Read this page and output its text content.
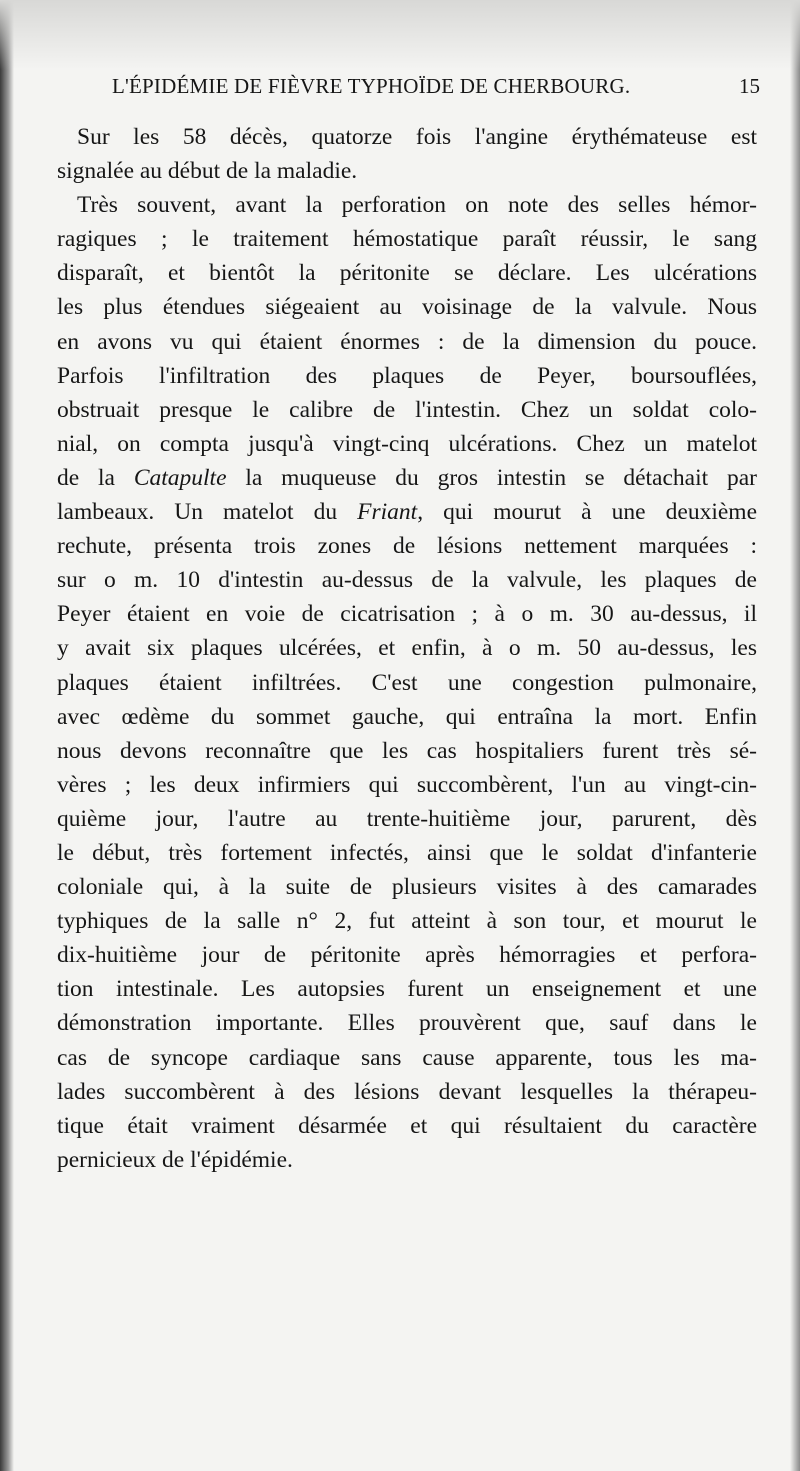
L'ÉPIDÉMIE DE FIÈVRE TYPHOÏDE DE CHERBOURG.	15
Sur les 58 décès, quatorze fois l'angine érythémateuse est
signalée au début de la maladie.
Très souvent, avant la perforation on note des selles hémor-
ragiques ; le traitement hémostatique paraît réussir, le sang
disparaît, et bientôt la péritonite se déclare. Les ulcérations
les plus étendues siégeaient au voisinage de la valvule. Nous
en avons vu qui étaient énormes : de la dimension du pouce.
Parfois l'infiltration des plaques de Peyer, boursouflées,
obstruait presque le calibre de l'intestin. Chez un soldat colo-
nial, on compta jusqu'à vingt-cinq ulcérations. Chez un matelot
de la Catapulte la muqueuse du gros intestin se détachait par
lambeaux. Un matelot du Friant, qui mourut à une deuxième
rechute, présenta trois zones de lésions nettement marquées :
sur o m. 10 d'intestin au-dessus de la valvule, les plaques de
Peyer étaient en voie de cicatrisation ; à o m. 30 au-dessus, il
y avait six plaques ulcérées, et enfin, à o m. 50 au-dessus, les
plaques étaient infiltrées. C'est une congestion pulmonaire,
avec œdème du sommet gauche, qui entraîna la mort. Enfin
nous devons reconnaître que les cas hospitaliers furent très sé-
vères ; les deux infirmiers qui succombèrent, l'un au vingt-cin-
quième jour, l'autre au trente-huitième jour, parurent, dès
le début, très fortement infectés, ainsi que le soldat d'infanterie
coloniale qui, à la suite de plusieurs visites à des camarades
typhiques de la salle n° 2, fut atteint à son tour, et mourut le
dix-huitième jour de péritonite après hémorragies et perfora-
tion intestinale. Les autopsies furent un enseignement et une
démonstration importante. Elles prouvèrent que, sauf dans le
cas de syncope cardiaque sans cause apparente, tous les ma-
lades succombèrent à des lésions devant lesquelles la thérapeu-
tique était vraiment désarmée et qui résultaient du caractère
pernicieux de l'épidémie.
